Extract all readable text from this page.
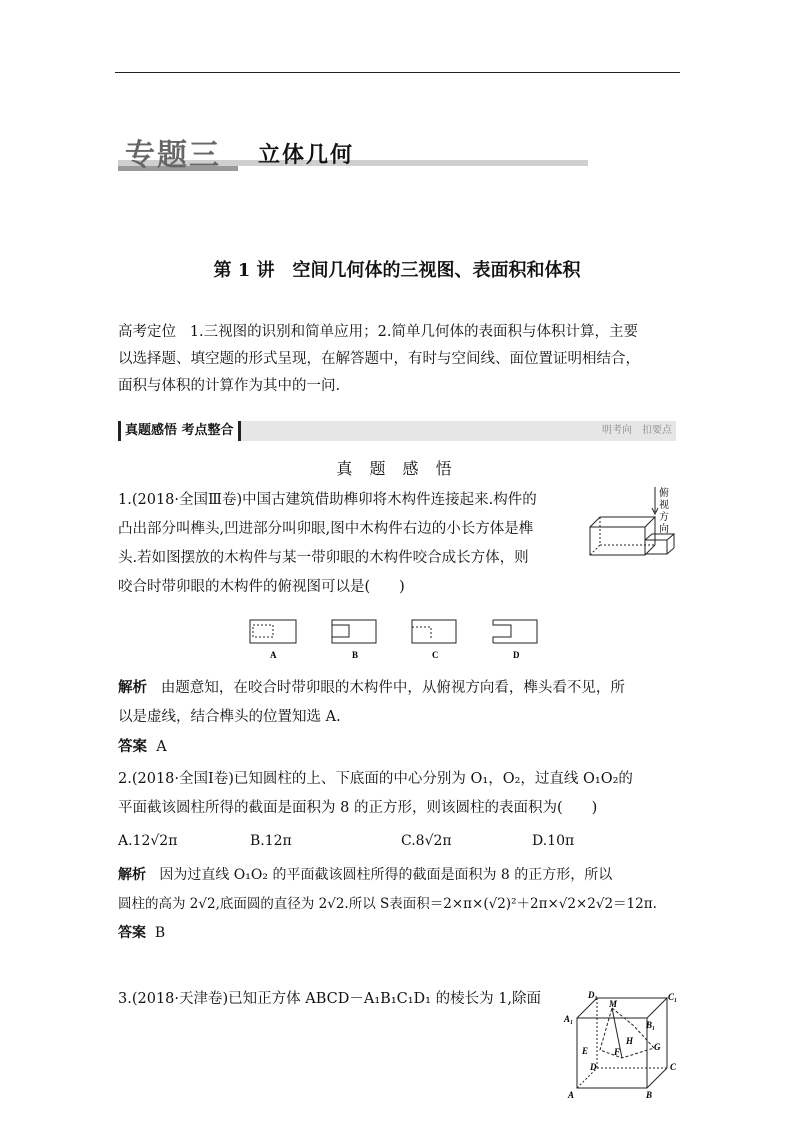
专题三 立体几何
第 1 讲　空间几何体的三视图、表面积和体积
高考定位 1.三视图的识别和简单应用；2.简单几何体的表面积与体积计算，主要
以选择题、填空题的形式呈现，在解答题中，有时与空间线、面位置证明相结合，
面积与体积的计算作为其中的一问.
真题感悟 考点整合	明考向　扣要点
真 题 感 悟
1.(2018·全国Ⅲ卷)中国古建筑借助榫卯将木构件连接起来.构件的
凸出部分叫榫头,凹进部分叫卯眼,图中木构件右边的小长方体是榫
头.若如图摆放的木构件与某一带卯眼的木构件咬合成长方体，则
咬合时带卯眼的木构件的俯视图可以是(　　)
俯
视
方
向
A	B	C	D
解析 由题意知，在咬合时带卯眼的木构件中，从俯视方向看，榫头看不见，所
以是虚线，结合榫头的位置知选 A.
答案 A
2.(2018·全国Ⅰ卷)已知圆柱的上、下底面的中心分别为 O₁，O₂，过直线 O₁O₂的
平面截该圆柱所得的截面是面积为 8 的正方形，则该圆柱的表面积为(　　)
A.12√2π	B.12π	C.8√2π	D.10π
解析 因为过直线 O₁O₂ 的平面截该圆柱所得的截面是面积为 8 的正方形，所以
圆柱的高为 2√2,底面圆的直径为 2√2.所以 S表面积＝2×π×(√2)²＋2π×√2×2√2＝12π.
答案 B
3.(2018·天津卷)已知正方体 ABCD－A₁B₁C₁D₁ 的棱长为 1,除面	D₁	C₁
A₁
M
B₁
H
G
E	F
D	C
A	B
